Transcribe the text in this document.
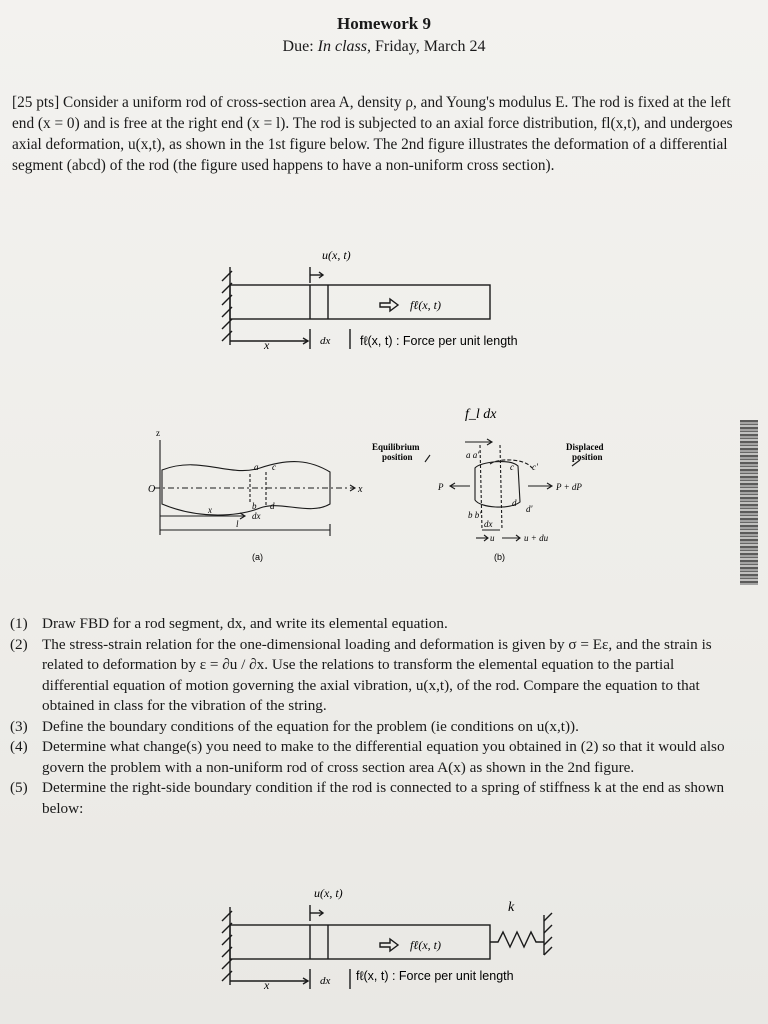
Homework 9
Due: In class, Friday, March 24

[25 pts] Consider a uniform rod of cross-section area A, density ρ, and Young's modulus E. The rod is fixed at the left end (x = 0) and is free at the right end (x = l). The rod is subjected to an axial force distribution, fl(x,t), and undergoes axial deformation, u(x,t), as shown in the 1st figure below. The 2nd figure illustrates the deformation of a differential segment (abcd) of the rod (the figure used happens to have a non-uniform cross section).

u(x, t)
fℓ(x, t)
x	dx fℓ(x, t) : Force per unit length
f_l dx
z
O	x
a c
b d
dx
x
l
(a)
Equilibrium
position
Displaced
position
a a'
c c'
P	P + dP
d
d'
b b'
dx
u	u + du
(b)
(1) Draw FBD for a rod segment, dx, and write its elemental equation.
(2) The stress-strain relation for the one-dimensional loading and deformation is given by σ = Eε, and the strain is related to deformation by ε = ∂u / ∂x. Use the relations to transform the elemental equation to the partial differential equation of motion governing the axial vibration, u(x,t), of the rod. Compare the equation to that obtained in class for the vibration of the string.
(3) Define the boundary conditions of the equation for the problem (ie conditions on u(x,t)).
(4) Determine what change(s) you need to make to the differential equation you obtained in (2) so that it would also govern the problem with a non-uniform rod of cross section area A(x) as shown in the 2nd figure.
(5) Determine the right-side boundary condition if the rod is connected to a spring of stiffness k at the end as shown below:
u(x, t)
k
fℓ(x, t)
x	dx fℓ(x, t) : Force per unit length
